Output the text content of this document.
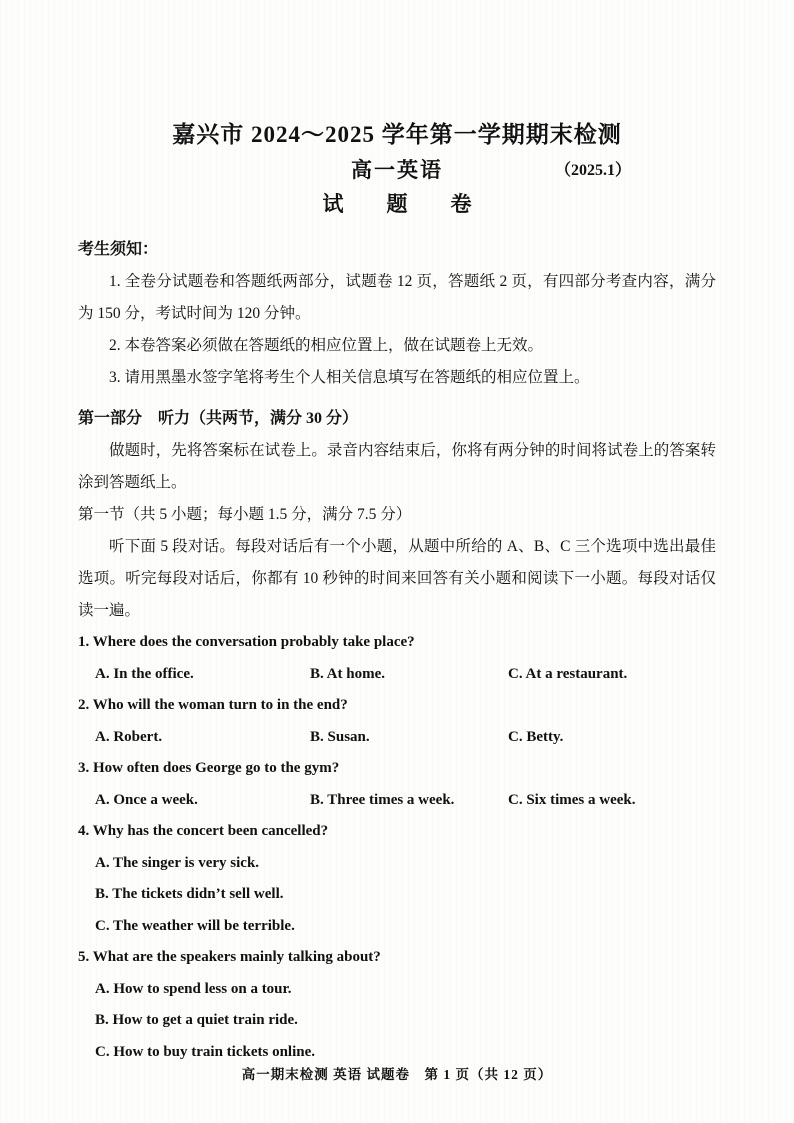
嘉兴市 2024～2025 学年第一学期期末检测
高一英语	（2025.1）
试 题 卷
考生须知：

1. 全卷分试题卷和答题纸两部分，试题卷 12 页，答题纸 2 页，有四部分考查内容，满分为 150 分，考试时间为 120 分钟。

2. 本卷答案必须做在答题纸的相应位置上，做在试题卷上无效。

3. 请用黑墨水签字笔将考生个人相关信息填写在答题纸的相应位置上。

第一部分　听力（共两节，满分 30 分）

做题时，先将答案标在试卷上。录音内容结束后，你将有两分钟的时间将试卷上的答案转涂到答题纸上。

第一节（共 5 小题；每小题 1.5 分，满分 7.5 分）

听下面 5 段对话。每段对话后有一个小题，从题中所给的 A、B、C 三个选项中选出最佳选项。听完每段对话后，你都有 10 秒钟的时间来回答有关小题和阅读下一小题。每段对话仅读一遍。

1. Where does the conversation probably take place?
A. In the office.	B. At home.	C. At a restaurant.
2. Who will the woman turn to in the end?
A. Robert.	B. Susan.	C. Betty.
3. How often does George go to the gym?
A. Once a week.	B. Three times a week.	C. Six times a week.
4. Why has the concert been cancelled?
A. The singer is very sick.
B. The tickets didn’t sell well.
C. The weather will be terrible.
5. What are the speakers mainly talking about?
A. How to spend less on a tour.
B. How to get a quiet train ride.
C. How to buy train tickets online.
高一期末检测 英语 试题卷　第 1 页（共 12 页）
